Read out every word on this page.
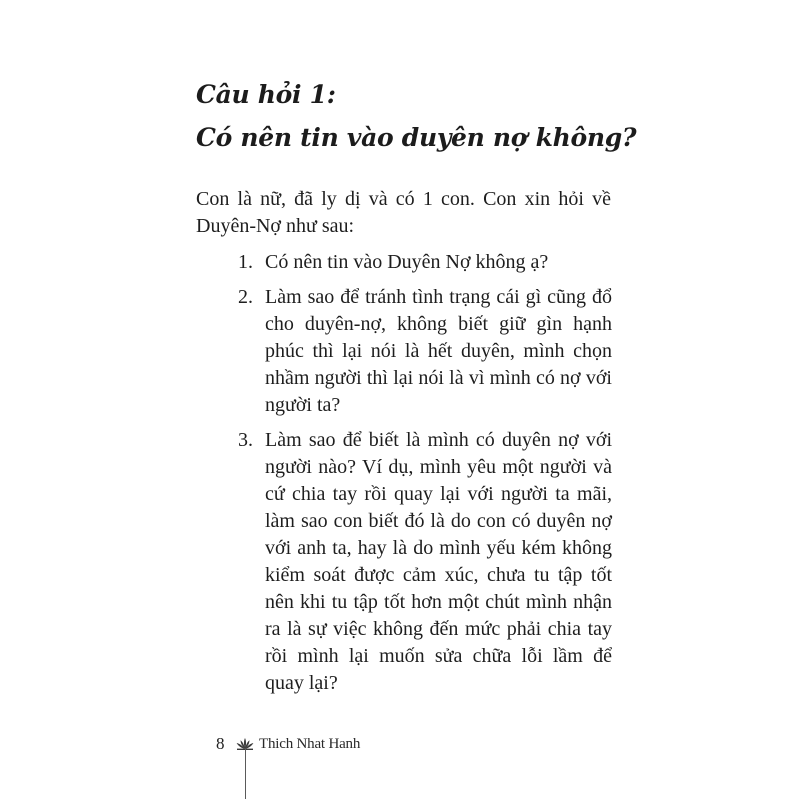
Câu hỏi 1:
Có nên tin vào duyên nợ không?

Con là nữ, đã ly dị và có 1 con. Con xin hỏi về Duyên-Nợ như sau:

1. Có nên tin vào Duyên Nợ không ạ?
2. Làm sao để tránh tình trạng cái gì cũng đổ cho duyên-nợ, không biết giữ gìn hạnh phúc thì lại nói là hết duyên, mình chọn nhầm người thì lại nói là vì mình có nợ với người ta?
3. Làm sao để biết là mình có duyên nợ với người nào? Ví dụ, mình yêu một người và cứ chia tay rồi quay lại với người ta mãi, làm sao con biết đó là do con có duyên nợ với anh ta, hay là do mình yếu kém không kiểm soát được cảm xúc, chưa tu tập tốt nên khi tu tập tốt hơn một chút mình nhận ra là sự việc không đến mức phải chia tay rồi mình lại muốn sửa chữa lỗi lầm để quay lại?
8 Thich Nhat Hanh
